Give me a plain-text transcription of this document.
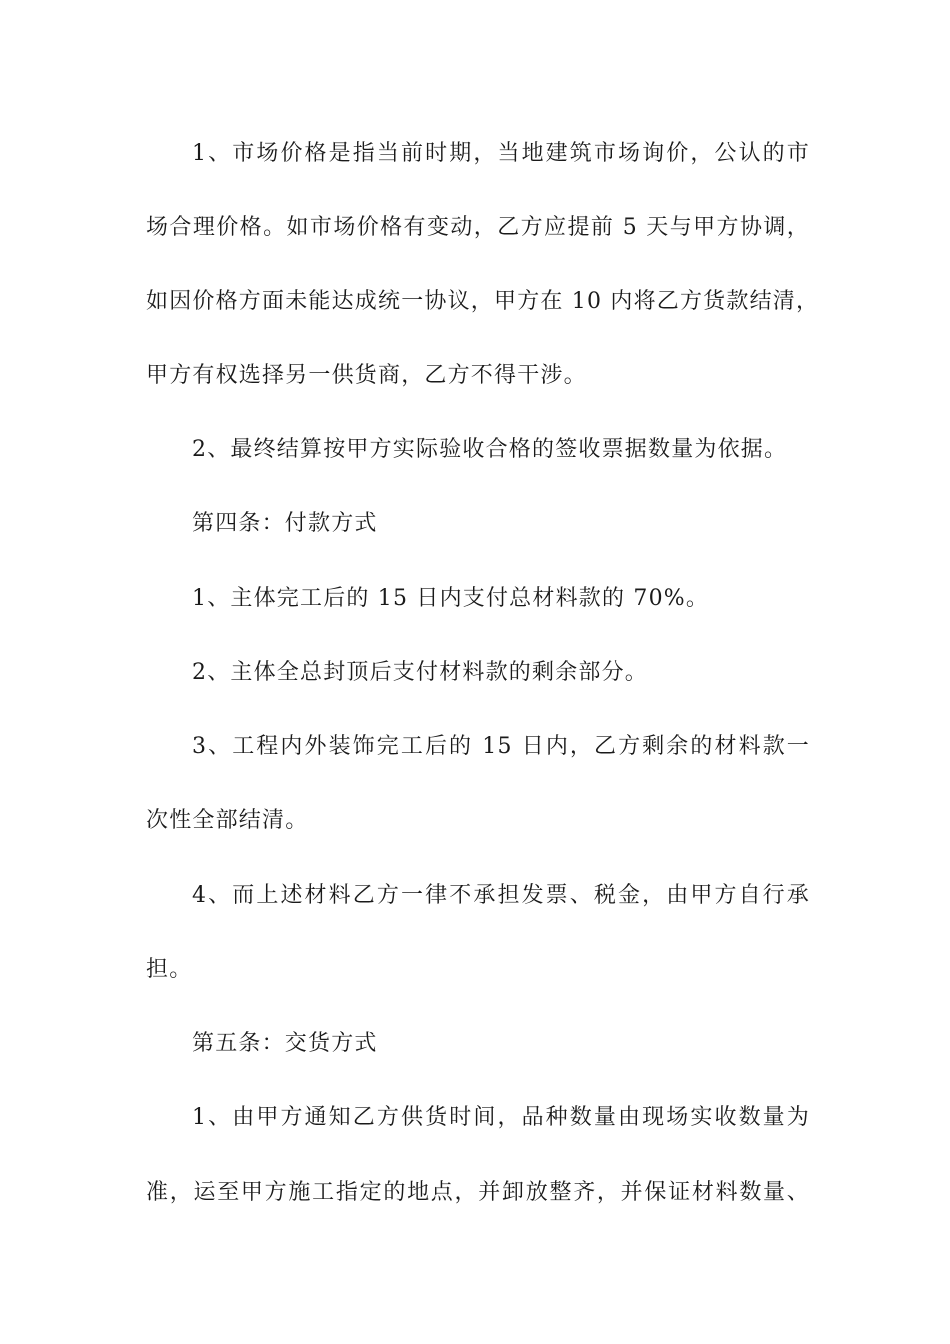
1、市场价格是指当前时期，当地建筑市场询价，公认的市
场合理价格。如市场价格有变动，乙方应提前 5 天与甲方协调，
如因价格方面未能达成统一协议，甲方在 10 内将乙方货款结清，
甲方有权选择另一供货商，乙方不得干涉。
2、最终结算按甲方实际验收合格的签收票据数量为依据。
第四条：付款方式
1、主体完工后的 15 日内支付总材料款的 70%。
2、主体全总封顶后支付材料款的剩余部分。
3、工程内外装饰完工后的 15 日内，乙方剩余的材料款一
次性全部结清。
4、而上述材料乙方一律不承担发票、税金，由甲方自行承
担。
第五条：交货方式
1、由甲方通知乙方供货时间，品种数量由现场实收数量为
准，运至甲方施工指定的地点，并卸放整齐，并保证材料数量、
